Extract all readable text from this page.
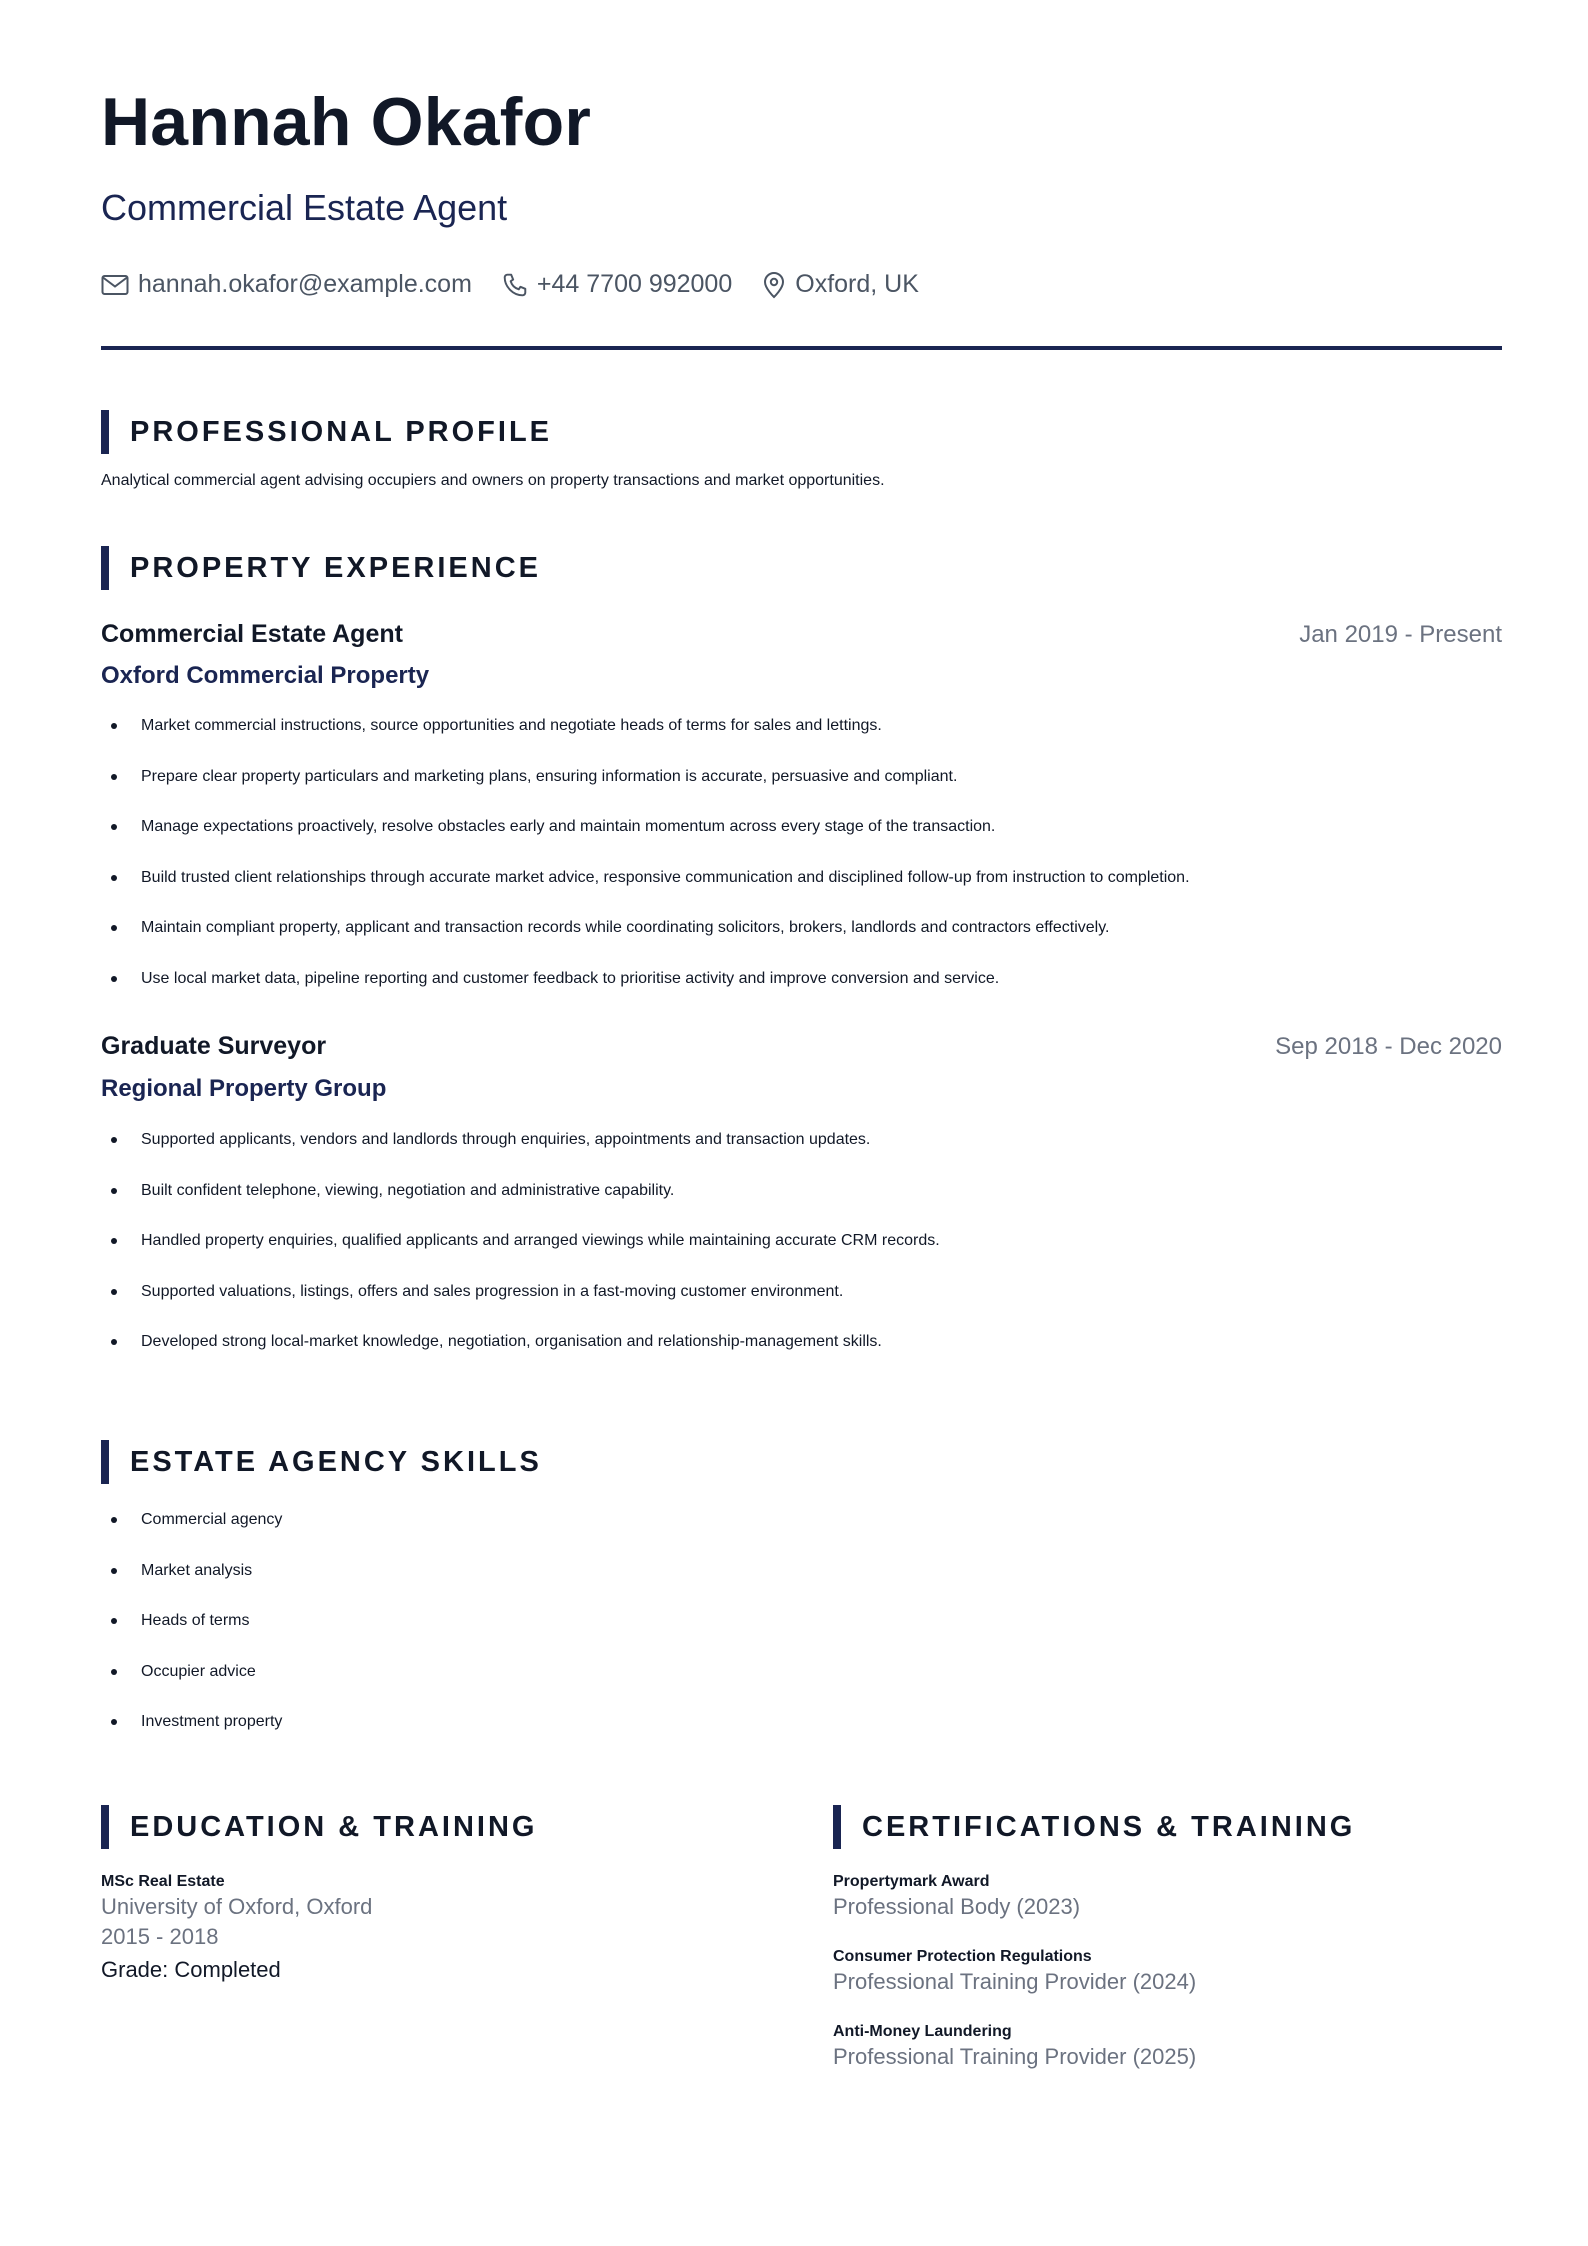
Hannah Okafor
Commercial Estate Agent
hannah.okafor@example.com	+44 7700 992000	Oxford, UK
PROFESSIONAL PROFILE
Analytical commercial agent advising occupiers and owners on property transactions and market opportunities.
PROPERTY EXPERIENCE
Commercial Estate Agent	Jan 2019 - Present
Oxford Commercial Property
Market commercial instructions, source opportunities and negotiate heads of terms for sales and lettings.
Prepare clear property particulars and marketing plans, ensuring information is accurate, persuasive and compliant.
Manage expectations proactively, resolve obstacles early and maintain momentum across every stage of the transaction.
Build trusted client relationships through accurate market advice, responsive communication and disciplined follow-up from instruction to completion.
Maintain compliant property, applicant and transaction records while coordinating solicitors, brokers, landlords and contractors effectively.
Use local market data, pipeline reporting and customer feedback to prioritise activity and improve conversion and service.
Graduate Surveyor	Sep 2018 - Dec 2020
Regional Property Group
Supported applicants, vendors and landlords through enquiries, appointments and transaction updates.
Built confident telephone, viewing, negotiation and administrative capability.
Handled property enquiries, qualified applicants and arranged viewings while maintaining accurate CRM records.
Supported valuations, listings, offers and sales progression in a fast-moving customer environment.
Developed strong local-market knowledge, negotiation, organisation and relationship-management skills.
ESTATE AGENCY SKILLS
Commercial agency
Market analysis
Heads of terms
Occupier advice
Investment property
EDUCATION & TRAINING
MSc Real Estate
University of Oxford, Oxford
2015 - 2018
Grade: Completed
CERTIFICATIONS & TRAINING
Propertymark Award
Professional Body (2023)
Consumer Protection Regulations
Professional Training Provider (2024)
Anti-Money Laundering
Professional Training Provider (2025)
